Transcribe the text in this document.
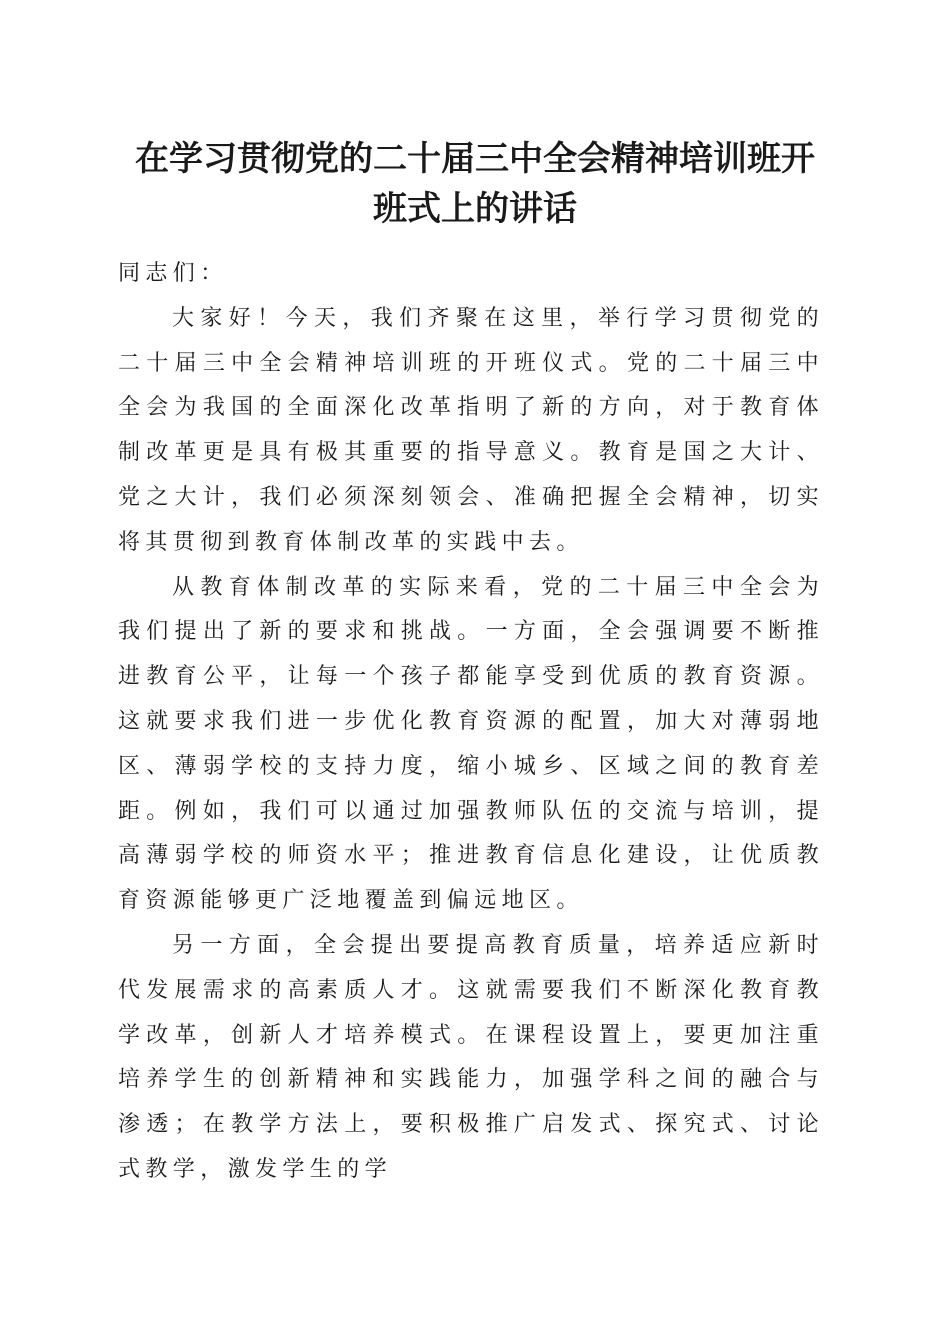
在学习贯彻党的二十届三中全会精神培训班开
班式上的讲话

同志们：

大家好！今天，我们齐聚在这里，举行学习贯彻党的二十届三中全会精神培训班的开班仪式。党的二十届三中全会为我国的全面深化改革指明了新的方向，对于教育体制改革更是具有极其重要的指导意义。教育是国之大计、党之大计，我们必须深刻领会、准确把握全会精神，切实将其贯彻到教育体制改革的实践中去。

从教育体制改革的实际来看，党的二十届三中全会为我们提出了新的要求和挑战。一方面，全会强调要不断推进教育公平，让每一个孩子都能享受到优质的教育资源。这就要求我们进一步优化教育资源的配置，加大对薄弱地区、薄弱学校的支持力度，缩小城乡、区域之间的教育差距。例如，我们可以通过加强教师队伍的交流与培训，提高薄弱学校的师资水平；推进教育信息化建设，让优质教育资源能够更广泛地覆盖到偏远地区。

另一方面，全会提出要提高教育质量，培养适应新时代发展需求的高素质人才。这就需要我们不断深化教育教学改革，创新人才培养模式。在课程设置上，要更加注重培养学生的创新精神和实践能力，加强学科之间的融合与渗透；在教学方法上，要积极推广启发式、探究式、讨论式教学，激发学生的学
